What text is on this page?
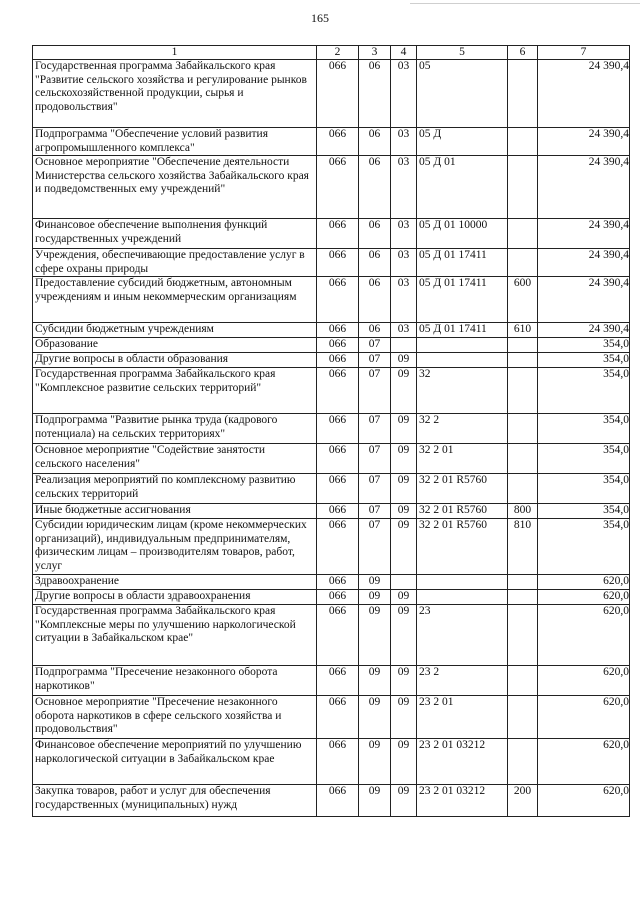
165
1	2	3	4	5	6	7
Государственная программа Забайкальского края "Развитие сельского хозяйства и регулирование рынков сельскохозяйственной продукции, сырья и продовольствия"	066	06	03	05		24 390,4
Подпрограмма "Обеспечение условий развития агропромышленного комплекса"	066	06	03	05 Д		24 390,4
Основное мероприятие "Обеспечение деятельности Министерства сельского хозяйства Забайкальского края и подведомственных ему учреждений"	066	06	03	05 Д 01		24 390,4
Финансовое обеспечение выполнения функций государственных учреждений	066	06	03	05 Д 01 10000		24 390,4
Учреждения, обеспечивающие предоставление услуг в сфере охраны природы	066	06	03	05 Д 01 17411		24 390,4
Предоставление субсидий бюджетным, автономным учреждениям и иным некоммерческим организациям	066	06	03	05 Д 01 17411	600	24 390,4
Субсидии бюджетным учреждениям	066	06	03	05 Д 01 17411	610	24 390,4
Образование	066	07				354,0
Другие вопросы в области образования	066	07	09			354,0
Государственная программа Забайкальского края "Комплексное развитие сельских территорий"	066	07	09	32		354,0
Подпрограмма "Развитие рынка труда (кадрового потенциала) на сельских территориях"	066	07	09	32 2		354,0
Основное мероприятие "Содействие занятости сельского населения"	066	07	09	32 2 01		354,0
Реализация мероприятий по комплексному развитию сельских территорий	066	07	09	32 2 01 R5760		354,0
Иные бюджетные ассигнования	066	07	09	32 2 01 R5760	800	354,0
Субсидии юридическим лицам (кроме некоммерческих организаций), индивидуальным предпринимателям, физическим лицам – производителям товаров, работ, услуг	066	07	09	32 2 01 R5760	810	354,0
Здравоохранение	066	09				620,0
Другие вопросы в области здравоохранения	066	09	09			620,0
Государственная программа Забайкальского края "Комплексные меры по улучшению наркологической ситуации в Забайкальском крае"	066	09	09	23		620,0
Подпрограмма "Пресечение незаконного оборота наркотиков"	066	09	09	23 2		620,0
Основное мероприятие "Пресечение незаконного оборота наркотиков в сфере сельского хозяйства и продовольствия"	066	09	09	23 2 01		620,0
Финансовое обеспечение мероприятий по улучшению наркологической ситуации в Забайкальском крае	066	09	09	23 2 01 03212		620,0
Закупка товаров, работ и услуг для обеспечения государственных (муниципальных) нужд	066	09	09	23 2 01 03212	200	620,0
